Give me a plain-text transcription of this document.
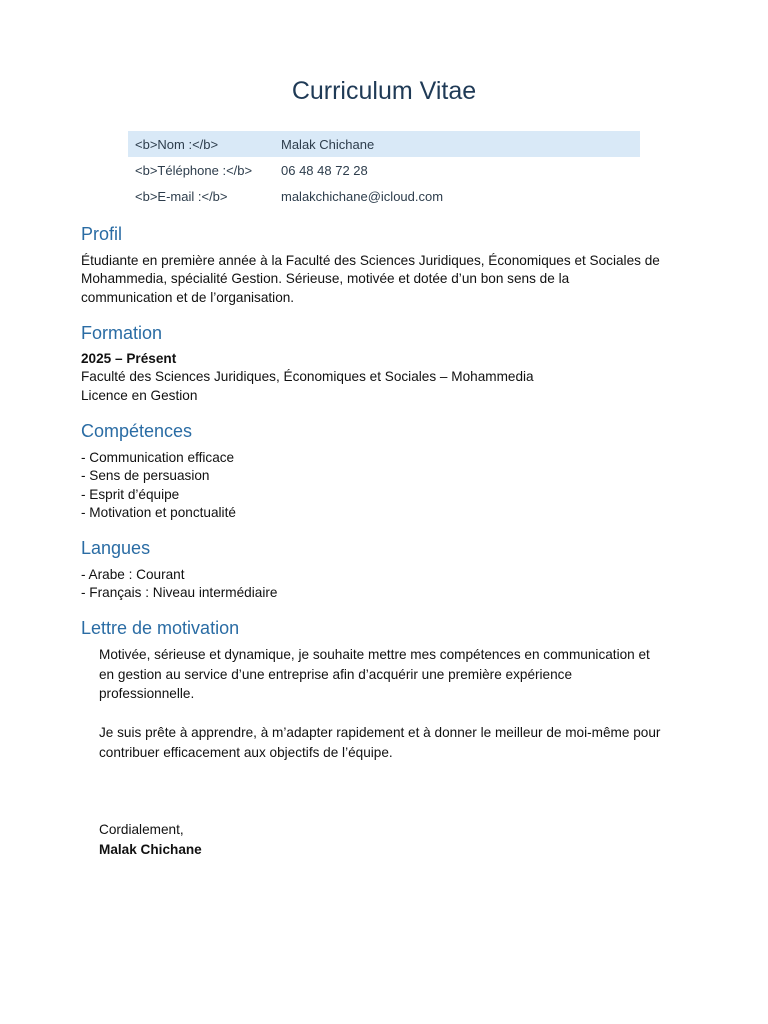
Curriculum Vitae
<b>Nom :</b>	Malak Chichane
<b>Téléphone :</b>	06 48 48 72 28
<b>E-mail :</b>	malakchichane@icloud.com
Profil

Étudiante en première année à la Faculté des Sciences Juridiques, Économiques et Sociales de

Mohammedia, spécialité Gestion. Sérieuse, motivée et dotée d’un bon sens de la

communication et de l’organisation.

Formation

2025 – Présent

Faculté des Sciences Juridiques, Économiques et Sociales – Mohammedia

Licence en Gestion

Compétences

- Communication efficace

- Sens de persuasion

- Esprit d’équipe

- Motivation et ponctualité

Langues

- Arabe : Courant

- Français : Niveau intermédiaire

Lettre de motivation

Motivée, sérieuse et dynamique, je souhaite mettre mes compétences en communication et

en gestion au service d’une entreprise afin d’acquérir une première expérience

professionnelle.

Je suis prête à apprendre, à m’adapter rapidement et à donner le meilleur de moi-même pour

contribuer efficacement aux objectifs de l’équipe.

Cordialement,

Malak Chichane
